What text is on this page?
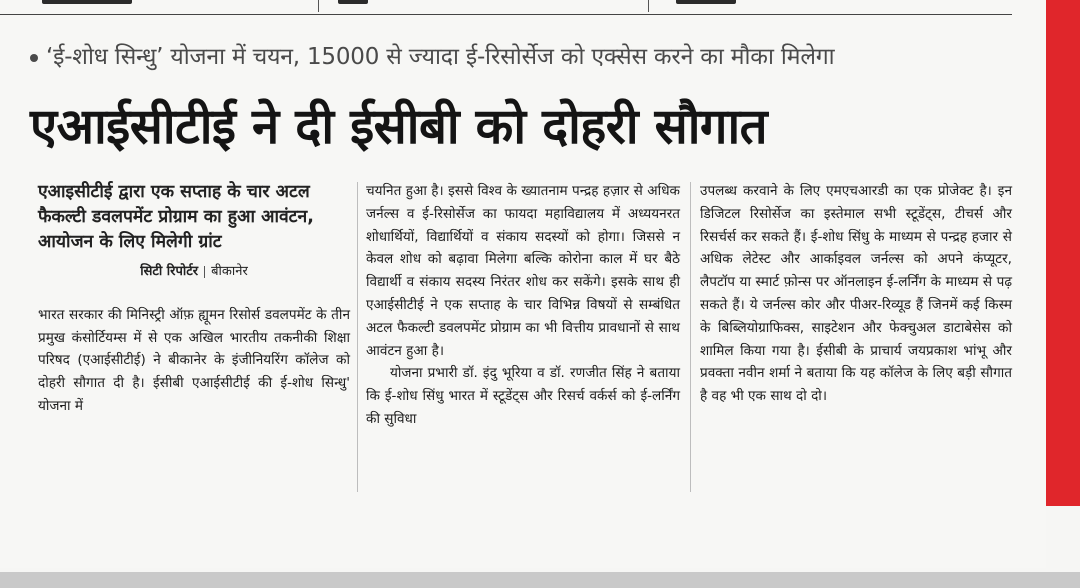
‘ई-शोध सिन्धु’ योजना में चयन, 15000 से ज्यादा ई-रिसोर्सेज को एक्सेस करने का मौका मिलेगा
एआईसीटीई ने दी ईसीबी को दोहरी सौगात

एआइसीटीई द्वारा एक सप्ताह के चार अटल फैकल्टी डवलपमेंट प्रोग्राम का हुआ आवंटन, आयोजन के लिए मिलेगी ग्रांट

सिटी रिपोर्टर बीकानेर

भारत सरकार की मिनिस्ट्री ऑफ़ ह्यूमन रिसोर्स डवलपमेंट के तीन प्रमुख कंसोर्टियम्स में से एक अखिल भारतीय तकनीकी शिक्षा परिषद (एआईसीटीई) ने बीकानेर के इंजीनियरिंग कॉलेज को दोहरी सौगात दी है। ईसीबी एआईसीटीई की ई-शोध सिन्धु' योजना में

चयनित हुआ है। इससे विश्व के ख्यातनाम पन्द्रह हज़ार से अधिक जर्नल्स व ई-रिसोर्सेज का फायदा महाविद्यालय में अध्ययनरत शोधार्थियों, विद्यार्थियों व संकाय सदस्यों को होगा। जिससे न केवल शोध को बढ़ावा मिलेगा बल्कि कोरोना काल में घर बैठे विद्यार्थी व संकाय सदस्य निरंतर शोध कर सकेंगे। इसके साथ ही एआईसीटीई ने एक सप्ताह के चार विभिन्न विषयों से सम्बंधित अटल फैकल्टी डवलपमेंट प्रोग्राम का भी वित्तीय प्रावधानों से साथ आवंटन हुआ है।

योजना प्रभारी डॉ. इंदु भूरिया व डॉ. रणजीत सिंह ने बताया कि ई-शोध सिंधु भारत में स्टूडेंट्स और रिसर्च वर्कर्स को ई-लर्निंग की सुविधा

उपलब्ध करवाने के लिए एमएचआरडी का एक प्रोजेक्ट है। इन डिजिटल रिसोर्सेज का इस्तेमाल सभी स्टूडेंट्स, टीचर्स और रिसर्चर्स कर सकते हैं। ई-शोध सिंधु के माध्यम से पन्द्रह हजार से अधिक लेटेस्ट और आर्काइवल जर्नल्स को अपने कंप्यूटर, लैपटॉप या स्मार्ट फ़ोन्स पर ऑनलाइन ई-लर्निंग के माध्यम से पढ़ सकते हैं। ये जर्नल्स कोर और पीअर-रिव्यूड हैं जिनमें कई किस्म के बिब्लियोग्राफिक्स, साइटेशन और फेक्चुअल डाटाबेसेस को शामिल किया गया है। ईसीबी के प्राचार्य जयप्रकाश भांभू और प्रवक्ता नवीन शर्मा ने बताया कि यह कॉलेज के लिए बड़ी सौगात है वह भी एक साथ दो दो।
